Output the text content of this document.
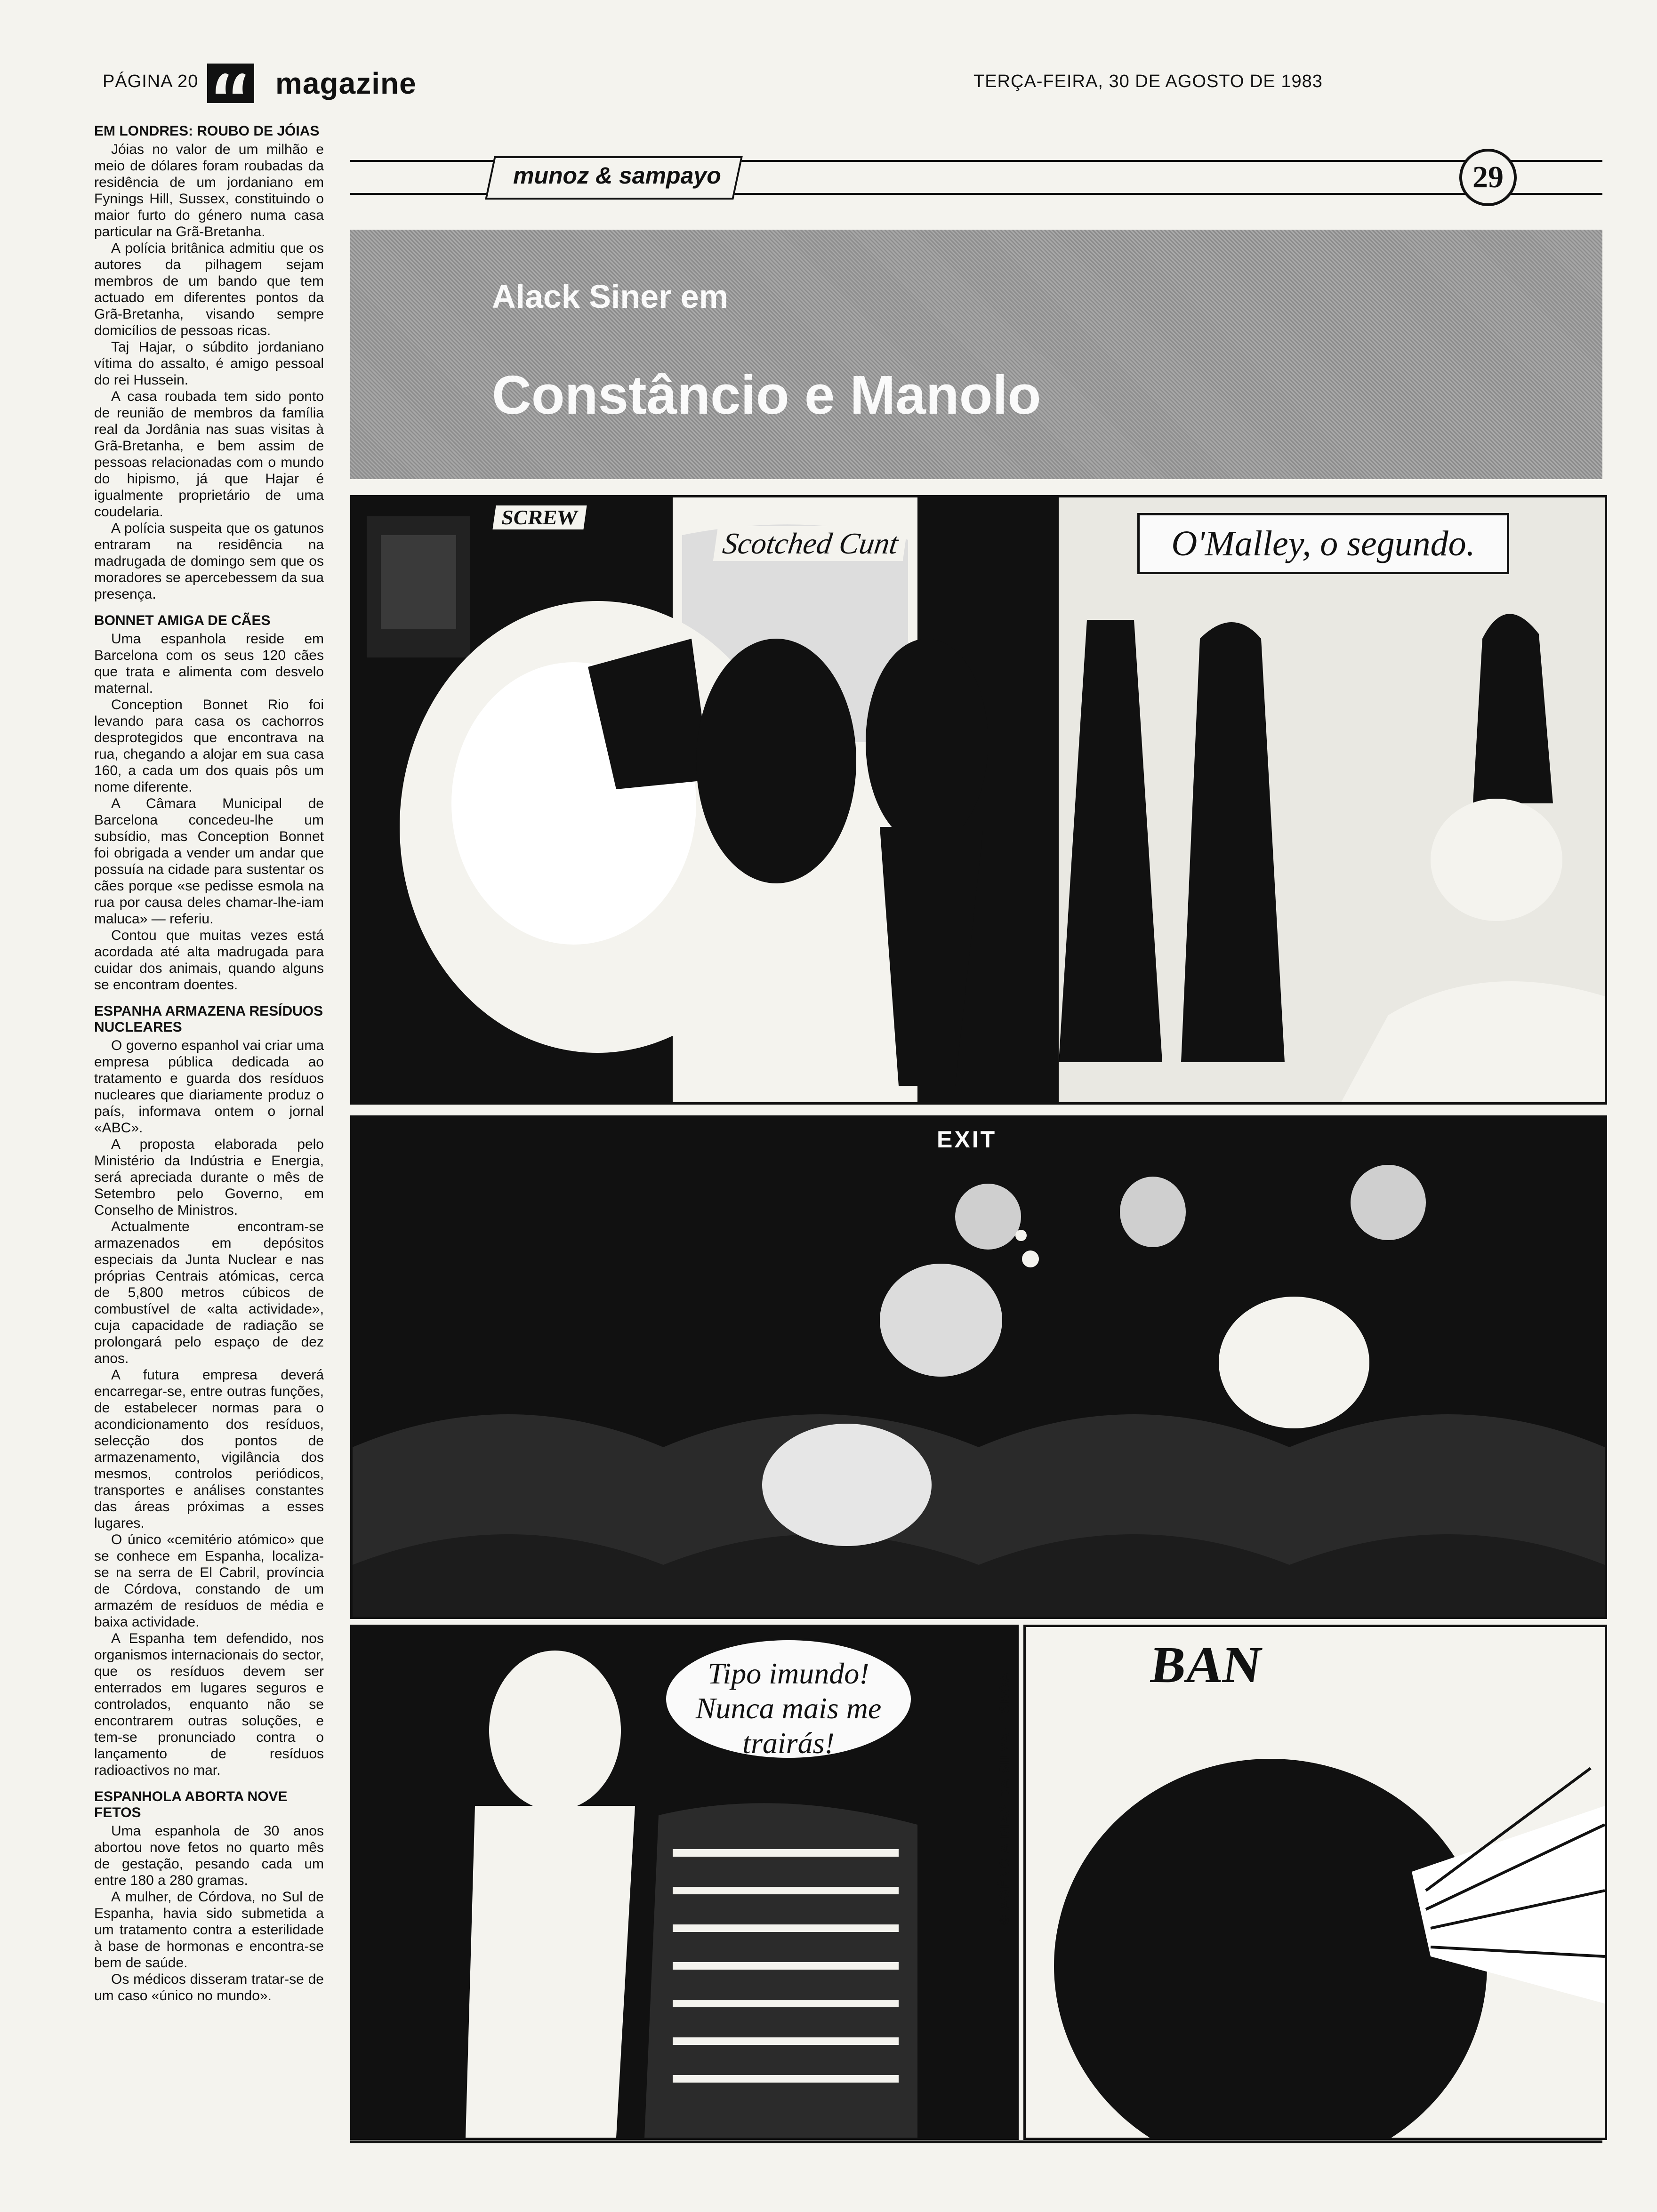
PÁGINA 20	magazine	TERÇA-FEIRA, 30 DE AGOSTO DE 1983
EM LONDRES: ROUBO DE JÓIAS

Jóias no valor de um milhão e meio de dólares foram roubadas da residência de um jordaniano em Fynings Hill, Sussex, constituindo o maior furto do género numa casa particular na Grã-Bretanha.

A polícia britânica admitiu que os autores da pilhagem sejam membros de um bando que tem actuado em diferentes pontos da Grã-Bretanha, visando sempre domicílios de pessoas ricas.

Taj Hajar, o súbdito jordaniano vítima do assalto, é amigo pessoal do rei Hussein.

A casa roubada tem sido ponto de reunião de membros da família real da Jordânia nas suas visitas à Grã-Bretanha, e bem assim de pessoas relacionadas com o mundo do hipismo, já que Hajar é igualmente proprietário de uma coudelaria.

A polícia suspeita que os gatunos entraram na residência na madrugada de domingo sem que os moradores se apercebessem da sua presença.

BONNET AMIGA DE CÃES

Uma espanhola reside em Barcelona com os seus 120 cães que trata e alimenta com desvelo maternal.

Conception Bonnet Rio foi levando para casa os cachorros desprotegidos que encontrava na rua, chegando a alojar em sua casa 160, a cada um dos quais pôs um nome diferente.

A Câmara Municipal de Barcelona concedeu-lhe um subsídio, mas Conception Bonnet foi obrigada a vender um andar que possuía na cidade para sustentar os cães porque «se pedisse esmola na rua por causa deles chamar-lhe-iam maluca» — referiu.

Contou que muitas vezes está acordada até alta madrugada para cuidar dos animais, quando alguns se encontram doentes.

ESPANHA ARMAZENA RESÍDUOS NUCLEARES

O governo espanhol vai criar uma empresa pública dedicada ao tratamento e guarda dos resíduos nucleares que diariamente produz o país, informava ontem o jornal «ABC».

A proposta elaborada pelo Ministério da Indústria e Energia, será apreciada durante o mês de Setembro pelo Governo, em Conselho de Ministros.

Actualmente encontram-se armazenados em depósitos especiais da Junta Nuclear e nas próprias Centrais atómicas, cerca de 5,800 metros cúbicos de combustível de «alta actividade», cuja capacidade de radiação se prolongará pelo espaço de dez anos.

A futura empresa deverá encarregar-se, entre outras funções, de estabelecer normas para o acondicionamento dos resíduos, selecção dos pontos de armazenamento, vigilância dos mesmos, controlos periódicos, transportes e análises constantes das áreas próximas a esses lugares.

O único «cemitério atómico» que se conhece em Espanha, localiza-se na serra de El Cabril, província de Córdova, constando de um armazém de resíduos de média e baixa actividade.

A Espanha tem defendido, nos organismos internacionais do sector, que os resíduos devem ser enterrados em lugares seguros e controlados, enquanto não se encontrarem outras soluções, e tem-se pronunciado contra o lançamento de resíduos radioactivos no mar.

ESPANHOLA ABORTA NOVE FETOS

Uma espanhola de 30 anos abortou nove fetos no quarto mês de gestação, pesando cada um entre 180 a 280 gramas.

A mulher, de Córdova, no Sul de Espanha, havia sido submetida a um tratamento contra a esterilidade à base de hormonas e encontra-se bem de saúde.

Os médicos disseram tratar-se de um caso «único no mundo».

munoz & sampayo	29
Alack Siner em
Constâncio e Manolo
O'Malley, o segundo.
Scotched Cunt
SCREW
EXIT
Tipo imundo!
Nunca mais me
trairás!
BAN
© AGÊNCIA DIAS DA SILVA-LISBOA
